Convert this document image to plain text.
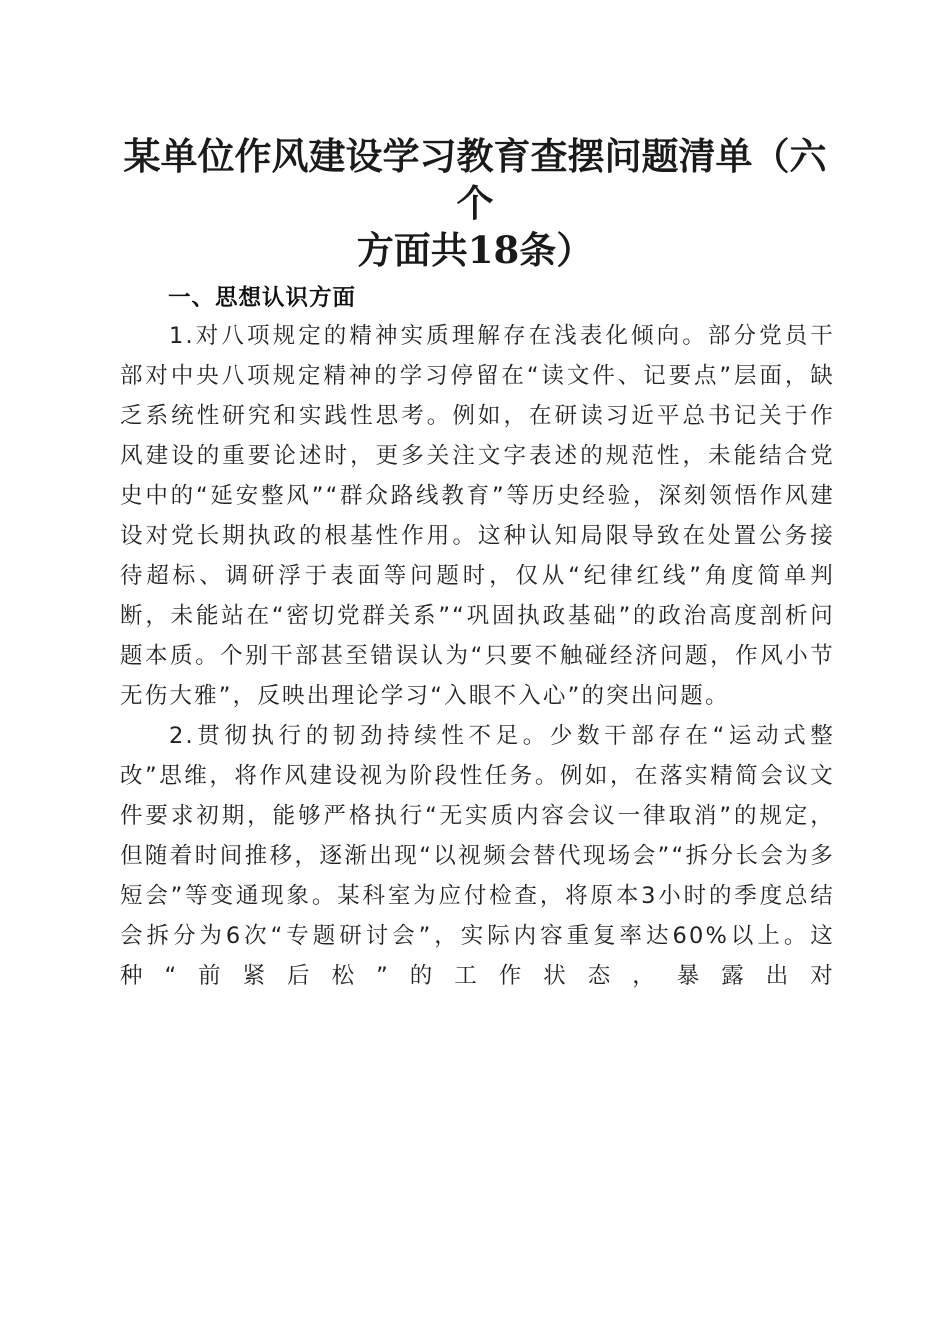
某单位作风建设学习教育查摆问题清单（六个
方面共18条）
一、思想认识方面

1.对八项规定的精神实质理解存在浅表化倾向。部分党员干部对中央八项规定精神的学习停留在“读文件、记要点”层面，缺乏系统性研究和实践性思考。例如，在研读习近平总书记关于作风建设的重要论述时，更多关注文字表述的规范性，未能结合党史中的“延安整风”“群众路线教育”等历史经验，深刻领悟作风建设对党长期执政的根基性作用。这种认知局限导致在处置公务接待超标、调研浮于表面等问题时，仅从“纪律红线”角度简单判断，未能站在“密切党群关系”“巩固执政基础”的政治高度剖析问题本质。个别干部甚至错误认为“只要不触碰经济问题，作风小节无伤大雅”，反映出理论学习“入眼不入心”的突出问题。

2.贯彻执行的韧劲持续性不足。少数干部存在“运动式整改”思维，将作风建设视为阶段性任务。例如，在落实精简会议文件要求初期，能够严格执行“无实质内容会议一律取消”的规定，但随着时间推移，逐渐出现“以视频会替代现场会”“拆分长会为多短会”等变通现象。某科室为应付检查，将原本3小时的季度总结会拆分为6次“专题研讨会”，实际内容重复率达60%以上。这种“前紧后松”的工作状态，暴露出对
